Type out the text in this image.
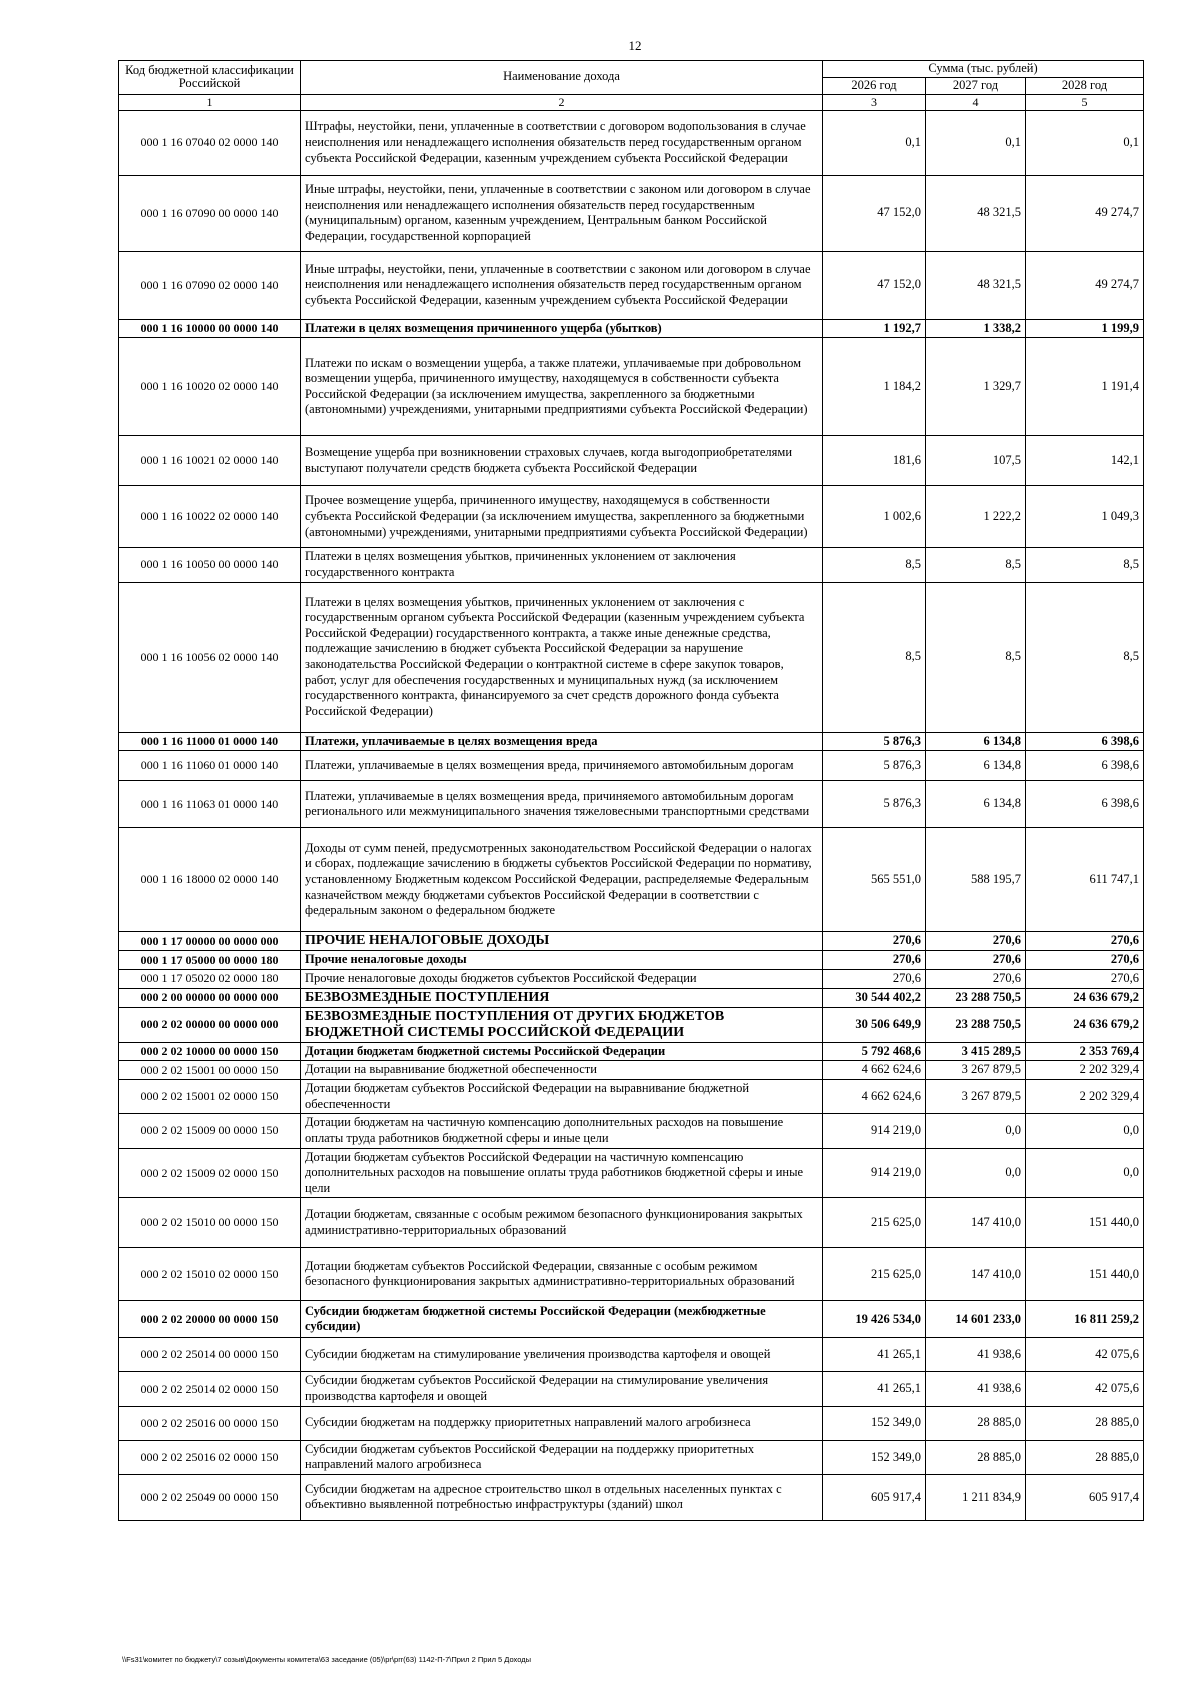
12
Код бюджетной классификации Российской	Наименование дохода	Сумма (тыс. рублей)		
		2026 год	2027 год	2028 год
1	2	3	4	5
000 1 16 07040 02 0000 140	Штрафы, неустойки, пени, уплаченные в соответствии с договором водопользования в случае неисполнения или ненадлежащего исполнения обязательств перед государственным органом субъекта Российской Федерации, казенным учреждением субъекта Российской Федерации	0,1	0,1	0,1
000 1 16 07090 00 0000 140	Иные штрафы, неустойки, пени, уплаченные в соответствии с законом или договором в случае неисполнения или ненадлежащего исполнения обязательств перед государственным (муниципальным) органом, казенным учреждением, Центральным банком Российской Федерации, государственной корпорацией	47 152,0	48 321,5	49 274,7
000 1 16 07090 02 0000 140	Иные штрафы, неустойки, пени, уплаченные в соответствии с законом или договором в случае неисполнения или ненадлежащего исполнения обязательств перед государственным органом субъекта Российской Федерации, казенным учреждением субъекта Российской Федерации	47 152,0	48 321,5	49 274,7
000 1 16 10000 00 0000 140	Платежи в целях возмещения причиненного ущерба (убытков)	1 192,7	1 338,2	1 199,9
000 1 16 10020 02 0000 140	Платежи по искам о возмещении ущерба, а также платежи, уплачиваемые при добровольном возмещении ущерба, причиненного имуществу, находящемуся в собственности субъекта Российской Федерации (за исключением имущества, закрепленного за бюджетными (автономными) учреждениями, унитарными предприятиями субъекта Российской Федерации)	1 184,2	1 329,7	1 191,4
000 1 16 10021 02 0000 140	Возмещение ущерба при возникновении страховых случаев, когда выгодоприобретателями выступают получатели средств бюджета субъекта Российской Федерации	181,6	107,5	142,1
000 1 16 10022 02 0000 140	Прочее возмещение ущерба, причиненного имуществу, находящемуся в собственности субъекта Российской Федерации (за исключением имущества, закрепленного за бюджетными (автономными) учреждениями, унитарными предприятиями субъекта Российской Федерации)	1 002,6	1 222,2	1 049,3
000 1 16 10050 00 0000 140	Платежи в целях возмещения убытков, причиненных уклонением от заключения государственного контракта	8,5	8,5	8,5
000 1 16 10056 02 0000 140	Платежи в целях возмещения убытков, причиненных уклонением от заключения с государственным органом субъекта Российской Федерации (казенным учреждением субъекта Российской Федерации) государственного контракта, а также иные денежные средства, подлежащие зачислению в бюджет субъекта Российской Федерации за нарушение законодательства Российской Федерации о контрактной системе в сфере закупок товаров, работ, услуг для обеспечения государственных и муниципальных нужд (за исключением государственного контракта, финансируемого за счет средств дорожного фонда субъекта Российской Федерации)	8,5	8,5	8,5
000 1 16 11000 01 0000 140	Платежи, уплачиваемые в целях возмещения вреда	5 876,3	6 134,8	6 398,6
000 1 16 11060 01 0000 140	Платежи, уплачиваемые в целях возмещения вреда, причиняемого автомобильным дорогам	5 876,3	6 134,8	6 398,6
000 1 16 11063 01 0000 140	Платежи, уплачиваемые в целях возмещения вреда, причиняемого автомобильным дорогам регионального или межмуниципального значения тяжеловесными транспортными средствами	5 876,3	6 134,8	6 398,6
000 1 16 18000 02 0000 140	Доходы от сумм пеней, предусмотренных законодательством Российской Федерации о налогах и сборах, подлежащие зачислению в бюджеты субъектов Российской Федерации по нормативу, установленному Бюджетным кодексом Российской Федерации, распределяемые Федеральным казначейством между бюджетами субъектов Российской Федерации в соответствии с федеральным законом о федеральном бюджете	565 551,0	588 195,7	611 747,1
000 1 17 00000 00 0000 000	ПРОЧИЕ НЕНАЛОГОВЫЕ ДОХОДЫ	270,6	270,6	270,6
000 1 17 05000 00 0000 180	Прочие неналоговые доходы	270,6	270,6	270,6
000 1 17 05020 02 0000 180	Прочие неналоговые доходы бюджетов субъектов Российской Федерации	270,6	270,6	270,6
000 2 00 00000 00 0000 000	БЕЗВОЗМЕЗДНЫЕ ПОСТУПЛЕНИЯ	30 544 402,2	23 288 750,5	24 636 679,2
000 2 02 00000 00 0000 000	БЕЗВОЗМЕЗДНЫЕ ПОСТУПЛЕНИЯ ОТ ДРУГИХ БЮДЖЕТОВ БЮДЖЕТНОЙ СИСТЕМЫ РОССИЙСКОЙ ФЕДЕРАЦИИ	30 506 649,9	23 288 750,5	24 636 679,2
000 2 02 10000 00 0000 150	Дотации бюджетам бюджетной системы Российской Федерации	5 792 468,6	3 415 289,5	2 353 769,4
000 2 02 15001 00 0000 150	Дотации на выравнивание бюджетной обеспеченности	4 662 624,6	3 267 879,5	2 202 329,4
000 2 02 15001 02 0000 150	Дотации бюджетам субъектов Российской Федерации на выравнивание бюджетной обеспеченности	4 662 624,6	3 267 879,5	2 202 329,4
000 2 02 15009 00 0000 150	Дотации бюджетам на частичную компенсацию дополнительных расходов на повышение оплаты труда работников бюджетной сферы и иные цели	914 219,0	0,0	0,0
000 2 02 15009 02 0000 150	Дотации бюджетам субъектов Российской Федерации на частичную компенсацию дополнительных расходов на повышение оплаты труда работников бюджетной сферы и иные цели	914 219,0	0,0	0,0
000 2 02 15010 00 0000 150	Дотации бюджетам, связанные с особым режимом безопасного функционирования закрытых административно-территориальных образований	215 625,0	147 410,0	151 440,0
000 2 02 15010 02 0000 150	Дотации бюджетам субъектов Российской Федерации, связанные с особым режимом безопасного функционирования закрытых административно-территориальных образований	215 625,0	147 410,0	151 440,0
000 2 02 20000 00 0000 150	Субсидии бюджетам бюджетной системы Российской Федерации (межбюджетные субсидии)	19 426 534,0	14 601 233,0	16 811 259,2
000 2 02 25014 00 0000 150	Субсидии бюджетам на стимулирование увеличения производства картофеля и овощей	41 265,1	41 938,6	42 075,6
000 2 02 25014 02 0000 150	Субсидии бюджетам субъектов Российской Федерации на стимулирование увеличения производства картофеля и овощей	41 265,1	41 938,6	42 075,6
000 2 02 25016 00 0000 150	Субсидии бюджетам на поддержку приоритетных направлений малого агробизнеса	152 349,0	28 885,0	28 885,0
000 2 02 25016 02 0000 150	Субсидии бюджетам субъектов Российской Федерации на поддержку приоритетных направлений малого агробизнеса	152 349,0	28 885,0	28 885,0
000 2 02 25049 00 0000 150	Субсидии бюджетам на адресное строительство школ в отдельных населенных пунктах с объективно выявленной потребностью инфраструктуры (зданий) школ	605 917,4	1 211 834,9	605 917,4
\\Fs31\комитет по бюджету\7 созыв\Документы комитета\63 заседание (05)\pr\prr(63) 1142-П-7\Прил 2 Прил 5 Доходы
